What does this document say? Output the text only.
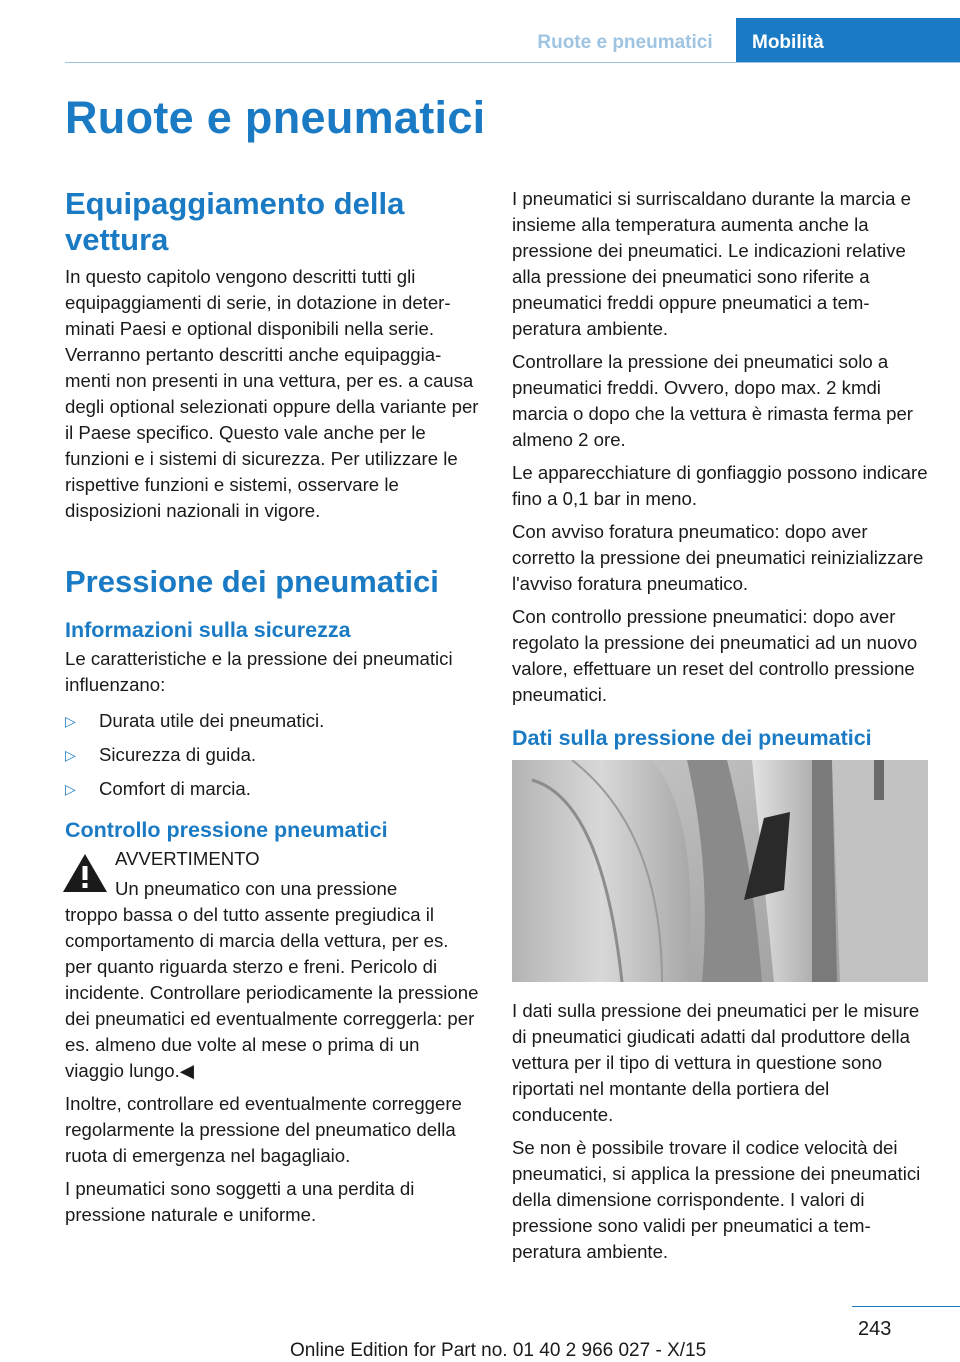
Ruote e pneumatici	Mobilità
Ruote e pneumatici
Equipaggiamento della vettura

In questo capitolo vengono descritti tutti gli equipaggiamenti di serie, in dotazione in determinati Paesi e optional disponibili nella serie. Verranno pertanto descritti anche equipaggiamenti non presenti in una vettura, per es. a causa degli optional selezionati oppure della variante per il Paese specifico. Questo vale anche per le funzioni e i sistemi di sicurezza. Per utilizzare le rispettive funzioni e sistemi, osservare le disposizioni nazionali in vigore.

Pressione dei pneumatici
Informazioni sulla sicurezza

Le caratteristiche e la pressione dei pneumatici influenzano:

▷ Durata utile dei pneumatici.
▷ Sicurezza di guida.
▷ Comfort di marcia.
Controllo pressione pneumatici

AVVERTIMENTO

Un pneumatico con una pressione

troppo bassa o del tutto assente pregiudica il comportamento di marcia della vettura, per es. per quanto riguarda sterzo e freni. Pericolo di incidente. Controllare periodicamente la pressione dei pneumatici ed eventualmente correggerla: per es. almeno due volte al mese o prima di un viaggio lungo.◀

Inoltre, controllare ed eventualmente correggere regolarmente la pressione del pneumatico della ruota di emergenza nel bagagliaio.

I pneumatici sono soggetti a una perdita di pressione naturale e uniforme.

I pneumatici si surriscaldano durante la marcia e insieme alla temperatura aumenta anche la pressione dei pneumatici. Le indicazioni relative alla pressione dei pneumatici sono riferite a pneumatici freddi oppure pneumatici a temperatura ambiente.

Controllare la pressione dei pneumatici solo a pneumatici freddi. Ovvero, dopo max. 2 kmdi marcia o dopo che la vettura è rimasta ferma per almeno 2 ore.

Le apparecchiature di gonfiaggio possono indicare fino a 0,1 bar in meno.

Con avviso foratura pneumatico: dopo aver corretto la pressione dei pneumatici reinizializzare l'avviso foratura pneumatico.

Con controllo pressione pneumatici: dopo aver regolato la pressione dei pneumatici ad un nuovo valore, effettuare un reset del controllo pressione pneumatici.

Dati sulla pressione dei pneumatici

I dati sulla pressione dei pneumatici per le misure di pneumatici giudicati adatti dal produttore della vettura per il tipo di vettura in questione sono riportati nel montante della portiera del conducente.

Se non è possibile trovare il codice velocità dei pneumatici, si applica la pressione dei pneumatici della dimensione corrispondente. I valori di pressione sono validi per pneumatici a temperatura ambiente.

243
Online Edition for Part no. 01 40 2 966 027 - X/15
